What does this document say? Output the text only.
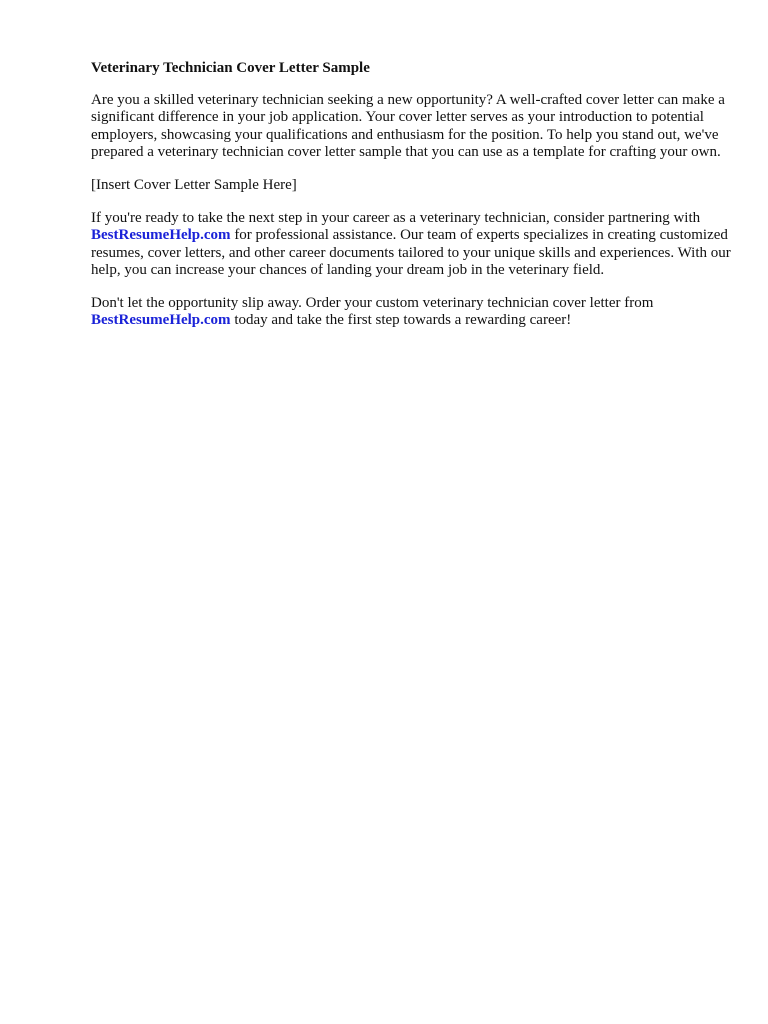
Veterinary Technician Cover Letter Sample

Are you a skilled veterinary technician seeking a new opportunity? A well-crafted cover letter can make a significant difference in your job application. Your cover letter serves as your introduction to potential employers, showcasing your qualifications and enthusiasm for the position. To help you stand out, we've prepared a veterinary technician cover letter sample that you can use as a template for crafting your own.

[Insert Cover Letter Sample Here]

If you're ready to take the next step in your career as a veterinary technician, consider partnering with
BestResumeHelp.com for professional assistance. Our team of experts specializes in creating customized resumes, cover letters, and other career documents tailored to your unique skills and experiences. With our help, you can increase your chances of landing your dream job in the veterinary field.

Don't let the opportunity slip away. Order your custom veterinary technician cover letter from
BestResumeHelp.com today and take the first step towards a rewarding career!
